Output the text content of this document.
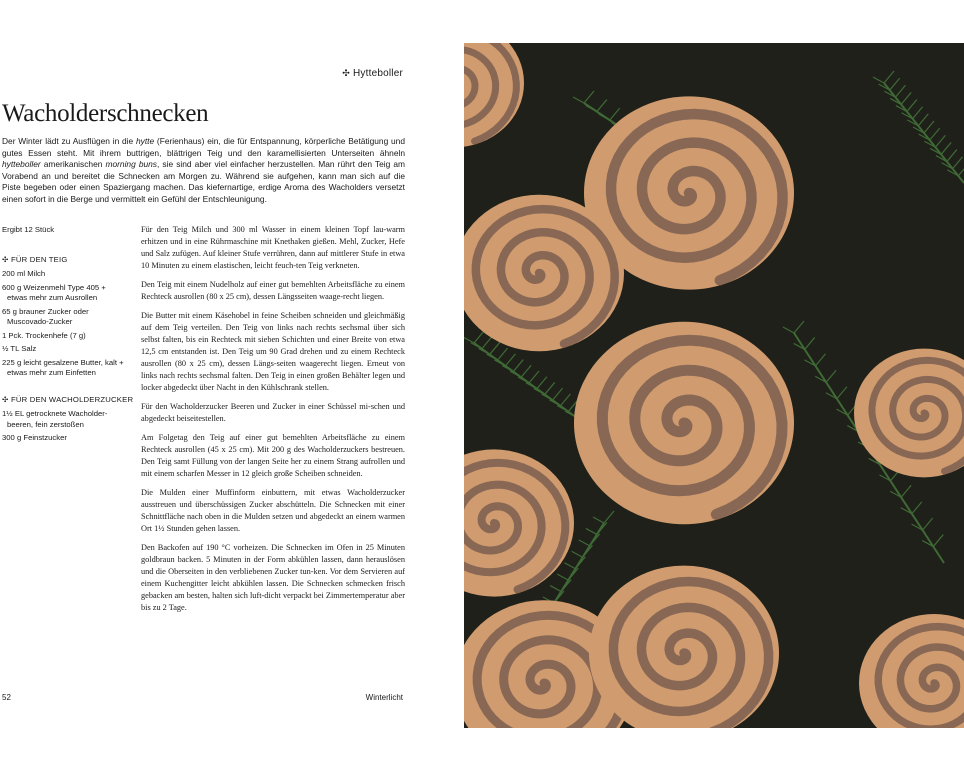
✣ Hytteboller
Wacholderschnecken

Der Winter lädt zu Ausflügen in die hytte (Ferienhaus) ein, die für Entspannung, körperliche Betätigung und gutes Essen steht. Mit ihrem buttrigen, blättrigen Teig und den karamellisierten Unterseiten ähneln hytteboller amerikanischen morning buns, sie sind aber viel einfacher herzustellen. Man rührt den Teig am Vorabend an und bereitet die Schnecken am Morgen zu. Während sie aufgehen, kann man sich auf die Piste begeben oder einen Spaziergang machen. Das kiefernartige, erdige Aroma des Wacholders versetzt einen sofort in die Berge und vermittelt ein Gefühl der Entschleunigung.

Ergibt 12 Stück
✣ FÜR DEN TEIG
200 ml Milch
600 g Weizenmehl Type 405 +
etwas mehr zum Ausrollen
65 g brauner Zucker oder
Muscovado-Zucker
1 Pck. Trockenhefe (7 g)
½ TL Salz
225 g leicht gesalzene Butter, kalt +
etwas mehr zum Einfetten
✣ FÜR DEN WACHOLDERZUCKER
1½ EL getrocknete Wacholder-
beeren, fein zerstoßen
300 g Feinstzucker

Für den Teig Milch und 300 ml Wasser in einem kleinen Topf lau-warm erhitzen und in eine Rührmaschine mit Knethaken gießen. Mehl, Zucker, Hefe und Salz zufügen. Auf kleiner Stufe verrühren, dann auf mittlerer Stufe in etwa 10 Minuten zu einem elastischen, leicht feuch-ten Teig verkneten.

Den Teig mit einem Nudelholz auf einer gut bemehlten Arbeitsfläche zu einem Rechteck ausrollen (80 x 25 cm), dessen Längsseiten waage-recht liegen.

Die Butter mit einem Käsehobel in feine Scheiben schneiden und gleichmäßig auf dem Teig verteilen. Den Teig von links nach rechts sechsmal über sich selbst falten, bis ein Rechteck mit sieben Schichten und einer Breite von etwa 12,5 cm entstanden ist. Den Teig um 90 Grad drehen und zu einem Rechteck ausrollen (80 x 25 cm), dessen Längs-seiten waagerecht liegen. Erneut von links nach rechts sechsmal falten. Den Teig in einen großen Behälter legen und locker abgedeckt über Nacht in den Kühlschrank stellen.

Für den Wacholderzucker Beeren und Zucker in einer Schüssel mi-schen und abgedeckt beiseitestellen.

Am Folgetag den Teig auf einer gut bemehlten Arbeitsfläche zu einem Rechteck ausrollen (45 x 25 cm). Mit 200 g des Wacholderzuckers bestreuen. Den Teig samt Füllung von der langen Seite her zu einem Strang aufrollen und mit einem scharfen Messer in 12 gleich große Scheiben schneiden.

Die Mulden einer Muffinform einbuttern, mit etwas Wacholderzucker ausstreuen und überschüssigen Zucker abschütteln. Die Schnecken mit einer Schnittfläche nach oben in die Mulden setzen und abgedeckt an einem warmen Ort 1½ Stunden gehen lassen.

Den Backofen auf 190 °C vorheizen. Die Schnecken im Ofen in 25 Minuten goldbraun backen. 5 Minuten in der Form abkühlen lassen, dann herauslösen und die Oberseiten in den verbliebenen Zucker tun-ken. Vor dem Servieren auf einem Kuchengitter leicht abkühlen lassen. Die Schnecken schmecken frisch gebacken am besten, halten sich luft-dicht verpackt bei Zimmertemperatur aber bis zu 2 Tage.

52	Winterlicht
